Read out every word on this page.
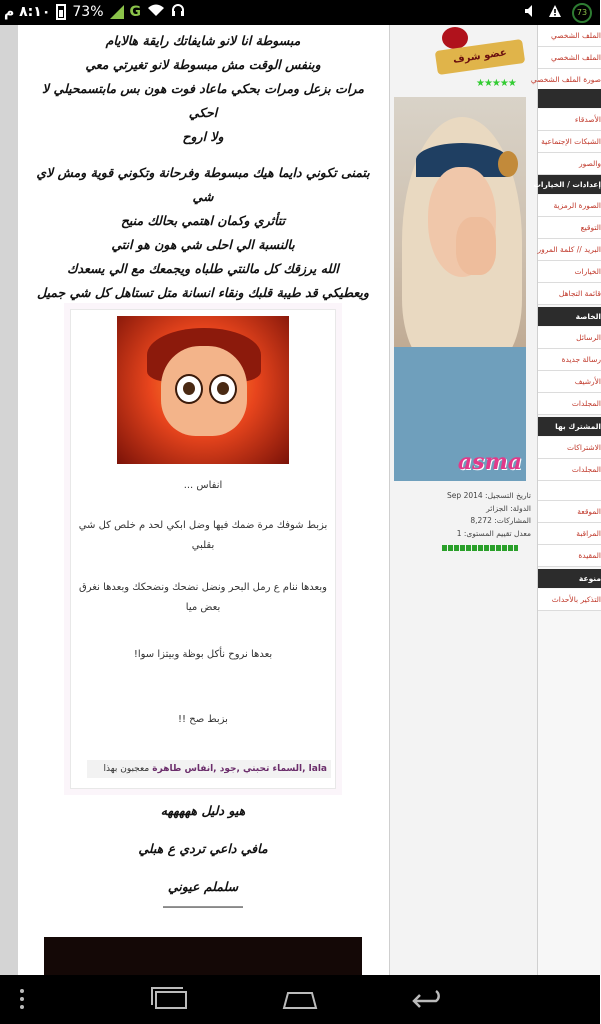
٨:١٠ م 73% G	73

مبسوطة انا لانو شايفاتك رايقة هالايام

وبنفس الوقت مش مبسوطة لانو تغيرتي معي

مرات بزعل ومرات بحكي ماعاد فوت هون بس مابتسمحيلي لا احكي

ولا اروح

بتمنى تكوني دايما هيك مبسوطة وفرحانة وتكوني قوية ومش لاي شي

تتأثري وكمان اهتمي بحالك منيح

بالنسبة الي احلى شي هون هو انتي

الله يرزقك كل مالنتي طلباه ويجمعك مع الي يسعدك

ويعطيكي قد طيبة قلبك ونقاء انسانة متل تستاهل كل شي جميل

انفاس ...
بزبط شوفك مرة ضمك فيها وضل ابكي لحد م خلص كل شي بقلبي
وبعدها ننام ع رمل البحر ونضل نضحك ونضحكك وبعدها نغرق بعض ميا
بعدها نروح نأكل بوظة وبيتزا سوا!
بزبط صح !!
lala ,السماء تحبني ,جود ,انفاس طاهرة معجبون بهذا
هيو دليل هههههه
مافي داعي تردي ع هبلي
سلملم عيوني
________________
عضو شرف
★★★★★
asma
تاريخ التسجيل: Sep 2014
الدولة: الجزائر
المشاركات: 8,272
معدل تقييم المستوى: 1
الملف الشخصي
الملف الشخصي
صورة الملف الشخصي
الأصدقاء
الشبكات الإجتماعية
والصور
إعدادات / الخيارات
الصورة الرمزية
التوقيع
البريد // كلمة المرور
الخيارات
قائمة التجاهل
الخاصة
الرسائل
رسالة جديدة
الأرشيف
المجلدات
المشترك بها
الاشتراكات
المجلدات
الموقعة
المراقبة
المقيدة
منوعة
التذكير بالأحداث
